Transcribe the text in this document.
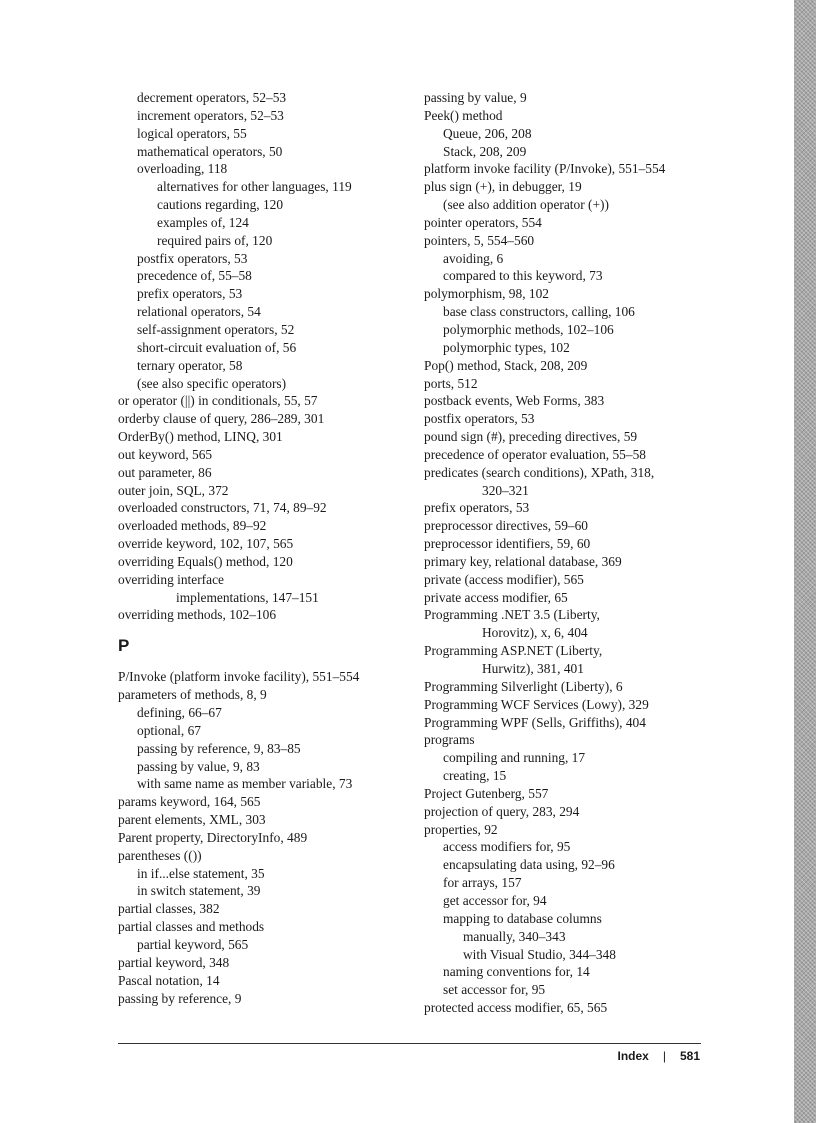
decrement operators, 52–53
increment operators, 52–53
logical operators, 55
mathematical operators, 50
overloading, 118
alternatives for other languages, 119
cautions regarding, 120
examples of, 124
required pairs of, 120
postfix operators, 53
precedence of, 55–58
prefix operators, 53
relational operators, 54
self-assignment operators, 52
short-circuit evaluation of, 56
ternary operator, 58
(see also specific operators)
or operator (||) in conditionals, 55, 57
orderby clause of query, 286–289, 301
OrderBy() method, LINQ, 301
out keyword, 565
out parameter, 86
outer join, SQL, 372
overloaded constructors, 71, 74, 89–92
overloaded methods, 89–92
override keyword, 102, 107, 565
overriding Equals() method, 120
overriding interface
implementations, 147–151
overriding methods, 102–106
P
P/Invoke (platform invoke facility), 551–554
parameters of methods, 8, 9
defining, 66–67
optional, 67
passing by reference, 9, 83–85
passing by value, 9, 83
with same name as member variable, 73
params keyword, 164, 565
parent elements, XML, 303
Parent property, DirectoryInfo, 489
parentheses (())
in if...else statement, 35
in switch statement, 39
partial classes, 382
partial classes and methods
partial keyword, 565
partial keyword, 348
Pascal notation, 14
passing by reference, 9
passing by value, 9
Peek() method
Queue, 206, 208
Stack, 208, 209
platform invoke facility (P/Invoke), 551–554
plus sign (+), in debugger, 19
(see also addition operator (+))
pointer operators, 554
pointers, 5, 554–560
avoiding, 6
compared to this keyword, 73
polymorphism, 98, 102
base class constructors, calling, 106
polymorphic methods, 102–106
polymorphic types, 102
Pop() method, Stack, 208, 209
ports, 512
postback events, Web Forms, 383
postfix operators, 53
pound sign (#), preceding directives, 59
precedence of operator evaluation, 55–58
predicates (search conditions), XPath, 318,
320–321
prefix operators, 53
preprocessor directives, 59–60
preprocessor identifiers, 59, 60
primary key, relational database, 369
private (access modifier), 565
private access modifier, 65
Programming .NET 3.5 (Liberty,
Horovitz), x, 6, 404
Programming ASP.NET (Liberty,
Hurwitz), 381, 401
Programming Silverlight (Liberty), 6
Programming WCF Services (Lowy), 329
Programming WPF (Sells, Griffiths), 404
programs
compiling and running, 17
creating, 15
Project Gutenberg, 557
projection of query, 283, 294
properties, 92
access modifiers for, 95
encapsulating data using, 92–96
for arrays, 157
get accessor for, 94
mapping to database columns
manually, 340–343
with Visual Studio, 344–348
naming conventions for, 14
set accessor for, 95
protected access modifier, 65, 565
Index | 581
